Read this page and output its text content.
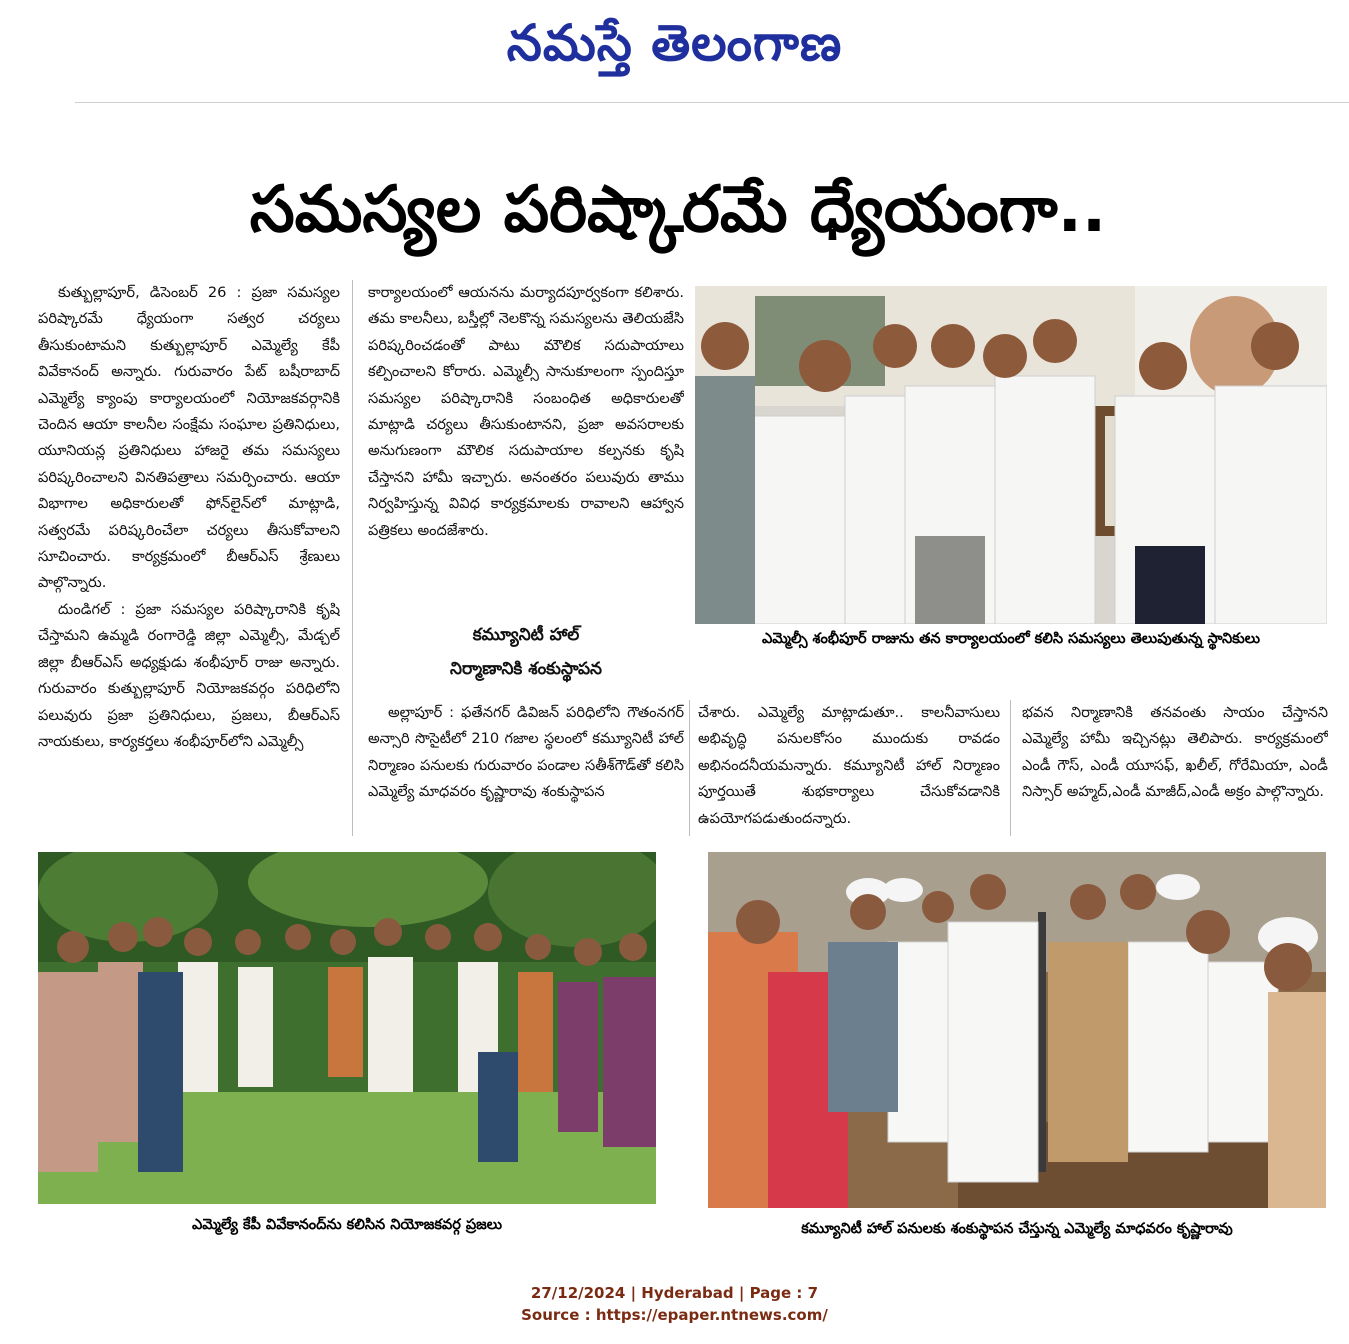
నమస్తే తెలంగాణ
సమస్యల పరిష్కారమే ధ్యేయంగా..

కుత్బుల్లాపూర్, డిసెంబర్ 26 : ప్రజా సమస్యల పరిష్కారమే ధ్యేయంగా సత్వర చర్యలు తీసుకుంటామని కుత్బుల్లాపూర్ ఎమ్మెల్యే కేపీ వివేకానంద్ అన్నారు. గురువారం పేట్ బషీరాబాద్ ఎమ్మెల్యే క్యాంపు కార్యాలయంలో నియోజకవర్గానికి చెందిన ఆయా కాలనీల సంక్షేమ సంఘాల ప్రతినిధులు, యూనియన్ల ప్రతినిధులు హాజరై తమ సమస్యలు పరిష్కరించాలని వినతిపత్రాలు సమర్పించారు. ఆయా విభాగాల అధికారులతో ఫోన్‌లైన్‌లో మాట్లాడి, సత్వరమే పరిష్కరించేలా చర్యలు తీసుకోవాలని సూచించారు. కార్యక్రమంలో బీఆర్‌ఎస్ శ్రేణులు పాల్గొన్నారు.

దుండిగల్ : ప్రజా సమస్యల పరిష్కారానికి కృషి చేస్తామని ఉమ్మడి రంగారెడ్డి జిల్లా ఎమ్మెల్సీ, మేడ్చల్ జిల్లా బీఆర్‌ఎస్ అధ్యక్షుడు శంభీపూర్ రాజు అన్నారు. గురువారం కుత్బుల్లాపూర్ నియోజకవర్గం పరిధిలోని పలువురు ప్రజా ప్రతినిధులు, ప్రజలు, బీఆర్‌ఎస్ నాయకులు, కార్యకర్తలు శంభీపూర్‌లోని ఎమ్మెల్సీ

కార్యాలయంలో ఆయనను మర్యాదపూర్వకంగా కలిశారు. తమ కాలనీలు, బస్తీల్లో నెలకొన్న సమస్యలను తెలియజేసి పరిష్కరించడంతో పాటు మౌలిక సదుపాయాలు కల్పించాలని కోరారు. ఎమ్మెల్సీ సానుకూలంగా స్పందిస్తూ సమస్యల పరిష్కారానికి సంబంధిత అధికారులతో మాట్లాడి చర్యలు తీసుకుంటానని, ప్రజా అవసరాలకు అనుగుణంగా మౌలిక సదుపాయాల కల్పనకు కృషి చేస్తానని హామీ ఇచ్చారు. అనంతరం పలువురు తాము నిర్వహిస్తున్న వివిధ కార్యక్రమాలకు రావాలని ఆహ్వాన పత్రికలు అందజేశారు.

కమ్యూనిటీ హాల్
నిర్మాణానికి శంకుస్థాపన

అల్లాపూర్ : ఫతేనగర్ డివిజన్ పరిధిలోని గౌతంనగర్ అన్సారి సొసైటీలో 210 గజాల స్థలంలో కమ్యూనిటీ హాల్ నిర్మాణం పనులకు గురువారం పండాల సతీశ్‌గౌడ్‌తో కలిసి ఎమ్మెల్యే మాధవరం కృష్ణారావు శంకుస్థాపన

చేశారు. ఎమ్మెల్యే మాట్లాడుతూ.. కాలనీవాసులు అభివృద్ధి పనులకోసం ముందుకు రావడం అభినందనీయమన్నారు. కమ్యూనిటీ హాల్ నిర్మాణం పూర్తయితే శుభకార్యాలు చేసుకోవడానికి ఉపయోగపడుతుందన్నారు.

భవన నిర్మాణానికి తనవంతు సాయం చేస్తానని ఎమ్మెల్యే హామీ ఇచ్చినట్లు తెలిపారు. కార్యక్రమంలో ఎండీ గౌస్, ఎండీ యూసఫ్, ఖలీల్, గోరేమియా, ఎండీ నిస్సార్ అహ్మద్,ఎండీ మాజీద్,ఎండీ అక్రం పాల్గొన్నారు.

ఎమ్మెల్సీ శంభీపూర్ రాజును తన కార్యాలయంలో కలిసి సమస్యలు తెలుపుతున్న స్థానికులు
ఎమ్మెల్యే కేపీ వివేకానంద్‌ను కలిసిన నియోజకవర్గ ప్రజలు	కమ్యూనిటీ హాల్ పనులకు శంకుస్థాపన చేస్తున్న ఎమ్మెల్యే మాధవరం కృష్ణారావు
27/12/2024 | Hyderabad | Page : 7
Source : https://epaper.ntnews.com/
